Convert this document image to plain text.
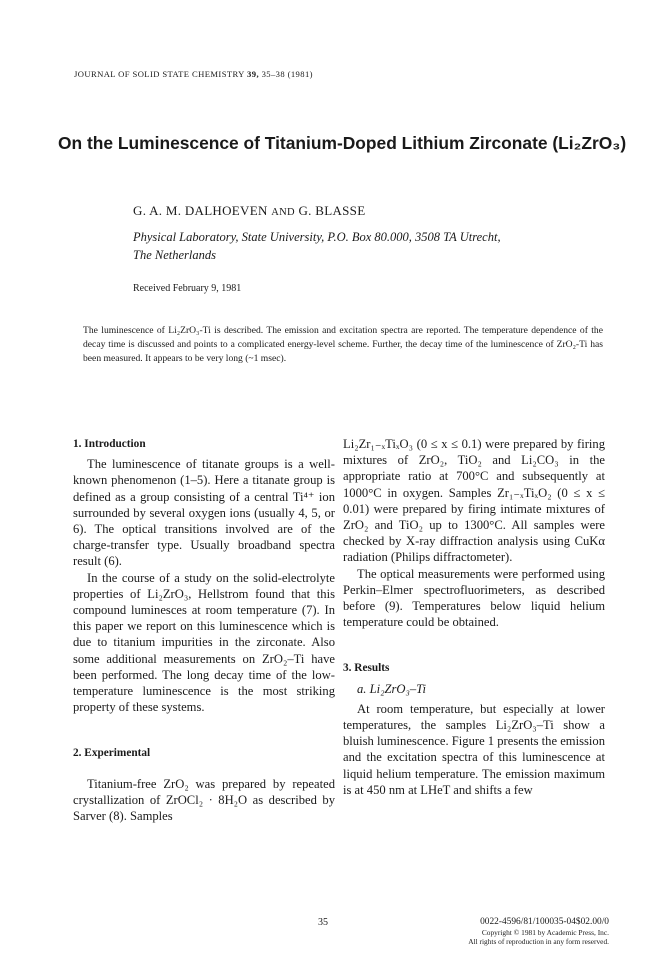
JOURNAL OF SOLID STATE CHEMISTRY 39, 35–38 (1981)
On the Luminescence of Titanium-Doped Lithium Zirconate (Li₂ZrO₃)
G. A. M. DALHOEVEN AND G. BLASSE
Physical Laboratory, State University, P.O. Box 80.000, 3508 TA Utrecht,
The Netherlands
Received February 9, 1981
The luminescence of Li₂ZrO₃-Ti is described. The emission and excitation spectra are reported. The temperature dependence of the decay time is discussed and points to a complicated energy-level scheme. Further, the decay time of the luminescence of ZrO₂-Ti has been measured. It appears to be very long (~1 msec).
1. Introduction

The luminescence of titanate groups is a well-known phenomenon (1–5). Here a titanate group is defined as a group consisting of a central Ti⁴⁺ ion surrounded by several oxygen ions (usually 4, 5, or 6). The optical transitions involved are of the charge-transfer type. Usually broadband spectra result (6).

In the course of a study on the solid-electrolyte properties of Li₂ZrO₃, Hellstrom found that this compound luminesces at room temperature (7). In this paper we report on this luminescence which is due to titanium impurities in the zirconate. Also some additional measurements on ZrO₂–Ti have been performed. The long decay time of the low-temperature luminescence is the most striking property of these systems.

2. Experimental

Titanium-free ZrO₂ was prepared by repeated crystallization of ZrOCl₂ · 8H₂O as described by Sarver (8). Samples

Li₂Zr₁₋ₓTiₓO₃ (0 ≤ x ≤ 0.1) were prepared by firing mixtures of ZrO₂, TiO₂ and Li₂CO₃ in the appropriate ratio at 700°C and subsequently at 1000°C in oxygen. Samples Zr₁₋ₓTiₓO₂ (0 ≤ x ≤ 0.01) were prepared by firing intimate mixtures of ZrO₂ and TiO₂ up to 1300°C. All samples were checked by X-ray diffraction analysis using CuKα radiation (Philips diffractometer).

The optical measurements were performed using Perkin–Elmer spectrofluorimeters, as described before (9). Temperatures below liquid helium temperature could be obtained.

3. Results

a. Li₂ZrO₃–Ti

At room temperature, but especially at lower temperatures, the samples Li₂ZrO₃–Ti show a bluish luminescence. Figure 1 presents the emission and the excitation spectra of this luminescence at liquid helium temperature. The emission maximum is at 450 nm at LHeT and shifts a few

35	0022-4596/81/100035-04$02.00/0
Copyright © 1981 by Academic Press, Inc.
All rights of reproduction in any form reserved.
